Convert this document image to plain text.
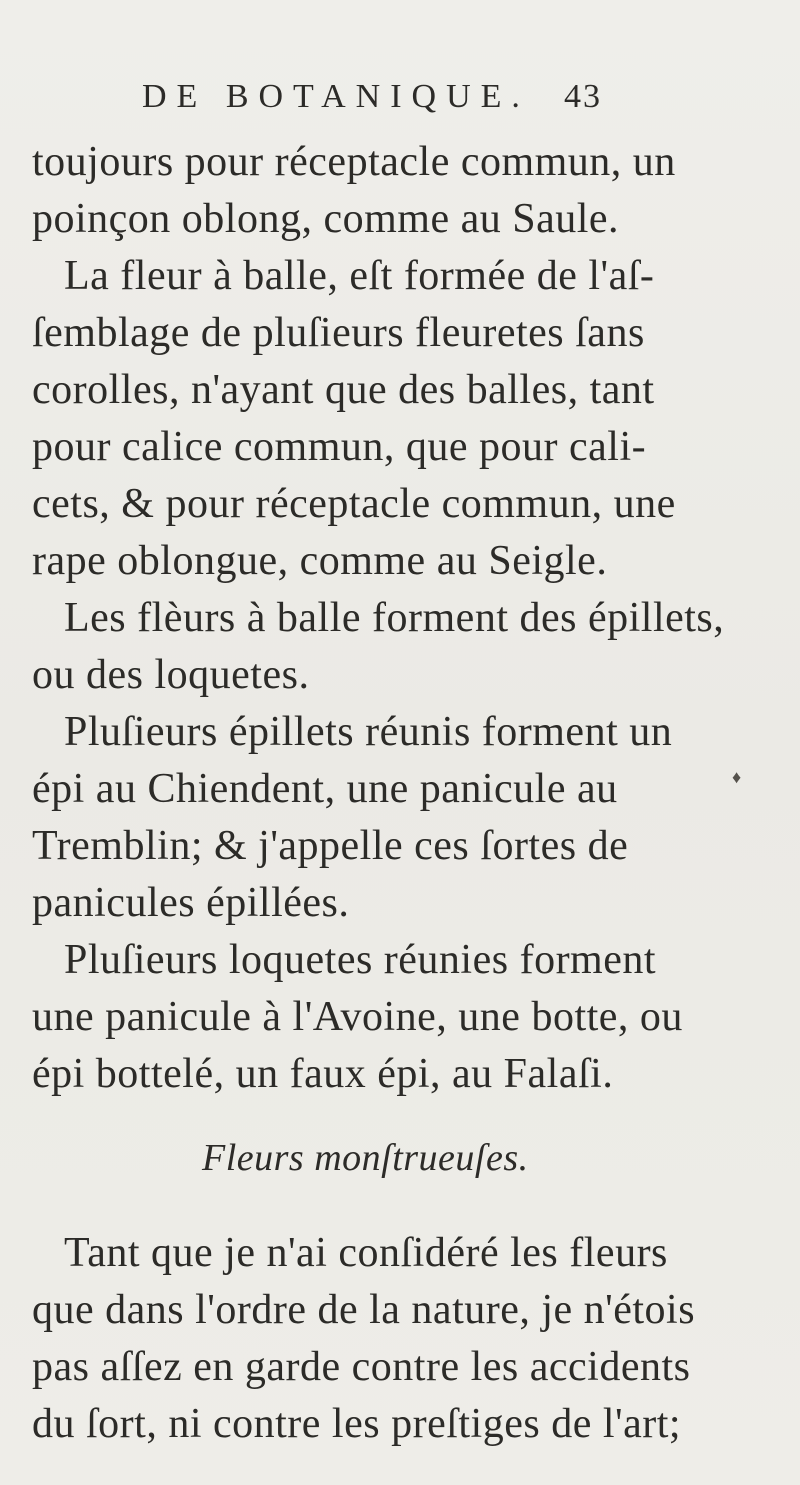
DE BOTANIQUE. 43
toujours pour réceptacle commun, un
poinçon oblong, comme au Saule.
La fleur à balle, eſt formée de l'aſ-
ſemblage de pluſieurs fleuretes ſans
corolles, n'ayant que des balles, tant
pour calice commun, que pour cali-
cets, & pour réceptacle commun, une
rape oblongue, comme au Seigle.
Les flèurs à balle forment des épillets,
ou des loquetes.
Pluſieurs épillets réunis forment un
épi au Chiendent, une panicule au
Tremblin; & j'appelle ces ſortes de
panicules épillées.
Pluſieurs loquetes réunies forment
une panicule à l'Avoine, une botte, ou
épi bottelé, un faux épi, au Falaſi.
Fleurs monſtrueuſes.
Tant que je n'ai conſidéré les fleurs
que dans l'ordre de la nature, je n'étois
pas aſſez en garde contre les accidents
du ſort, ni contre les preſtiges de l'art;
♦
